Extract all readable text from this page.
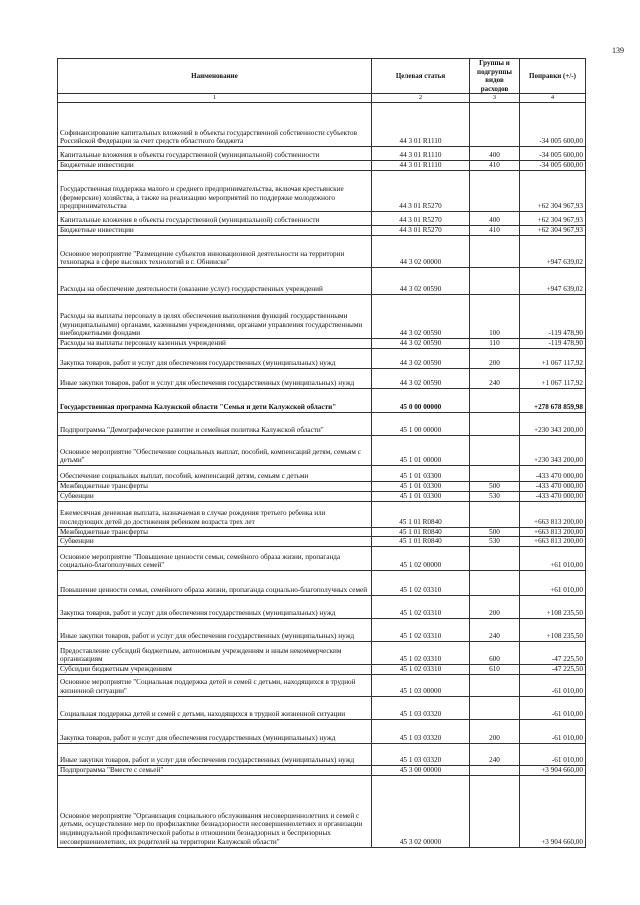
139
Наименование	Целевая статья	Группы и подгруппы видов расходов	Поправки (+/-)
1	2	3	4
Софинансирование капитальных вложений в объекты государственной собственности субъектов Российской Федерации за счет средств областного бюджета	44 3 01 R1110		-34 005 600,00
Капитальные вложения в объекты государственной (муниципальной) собственности	44 3 01 R1110	400	-34 005 600,00
Бюджетные инвестиции	44 3 01 R1110	410	-34 005 600,00
Государственная поддержка малого и среднего предпринимательства, включая крестьянские (фермерские) хозяйства, а также на реализацию мероприятий по поддержке молодежного предпринимательства	44 3 01 R5270		+62 304 967,93
Капитальные вложения в объекты государственной (муниципальной) собственности	44 3 01 R5270	400	+62 304 967,93
Бюджетные инвестиции	44 3 01 R5270	410	+62 304 967,93
Основное мероприятие "Размещение субъектов инновационной деятельности на территории технопарка в сфере высоких технологий в г. Обнинске"	44 3 02 00000		+947 639,02
Расходы на обеспечение деятельности (оказание услуг) государственных учреждений	44 3 02 00590		+947 639,02
Расходы на выплаты персоналу в целях обеспечения выполнения функций государственными (муниципальными) органами, казенными учреждениями, органами управления государственными внебюджетными фондами	44 3 02 00590	100	-119 478,90
Расходы на выплаты персоналу казенных учреждений	44 3 02 00590	110	-119 478,90
Закупка товаров, работ и услуг для обеспечения государственных (муниципальных) нужд	44 3 02 00590	200	+1 067 117,92
Иные закупки товаров, работ и услуг для обеспечения государственных (муниципальных) нужд	44 3 02 00590	240	+1 067 117,92
Государственная программа Калужской области "Семья и дети Калужской области"	45 0 00 00000		+278 678 859,98
Подпрограмма "Демографическое развитие и семейная политика Калужской области"	45 1 00 00000		+230 343 200,00
Основное мероприятие "Обеспечение социальных выплат, пособий, компенсаций детям, семьям с детьми"	45 1 01 00000		+230 343 200,00
Обеспечение социальных выплат, пособий, компенсаций детям, семьям с детьми	45 1 01 03300		-433 470 000,00
Межбюджетные трансферты	45 1 01 03300	500	-433 470 000,00
Субвенции	45 1 01 03300	530	-433 470 000,00
Ежемесячная денежная выплата, назначаемая в случае рождения третьего ребенка или последующих детей до достижения ребенком возраста трех лет	45 1 01 R0840		+663 813 200,00
Межбюджетные трансферты	45 1 01 R0840	500	+663 813 200,00
Субвенции	45 1 01 R0840	530	+663 813 200,00
Основное мероприятие "Повышение ценности семьи, семейного образа жизни, пропаганда социально-благополучных семей"	45 1 02 00000		+61 010,00
Повышение ценности семьи, семейного образа жизни, пропаганда социально-благополучных семей	45 1 02 03310		+61 010,00
Закупка товаров, работ и услуг для обеспечения государственных (муниципальных) нужд	45 1 02 03310	200	+108 235,50
Иные закупки товаров, работ и услуг для обеспечения государственных (муниципальных) нужд	45 1 02 03310	240	+108 235,50
Предоставление субсидий бюджетным, автономным учреждениям и иным некоммерческим организациям	45 1 02 03310	600	-47 225,50
Субсидии бюджетным учреждениям	45 1 02 03310	610	-47 225,50
Основное мероприятие "Социальная поддержка детей и семей с детьми, находящихся в трудной жизненной ситуации"	45 1 03 00000		-61 010,00
Социальная поддержка детей и семей с детьми, находящихся в трудной жизненной ситуации	45 1 03 03320		-61 010,00
Закупка товаров, работ и услуг для обеспечения государственных (муниципальных) нужд	45 1 03 03320	200	-61 010,00
Иные закупки товаров, работ и услуг для обеспечения государственных (муниципальных) нужд	45 1 03 03320	240	-61 010,00
Подпрограмма "Вместе с семьей"	45 3 00 00000		+3 904 660,00
Основное мероприятие "Организация социального обслуживания несовершеннолетних и семей с детьми, осуществление мер по профилактике безнадзорности несовершеннолетних и организации индивидуальной профилактической работы в отношении безнадзорных и беспризорных несовершеннолетних, их родителей на территории Калужской области"	45 3 02 00000		+3 904 660,00
